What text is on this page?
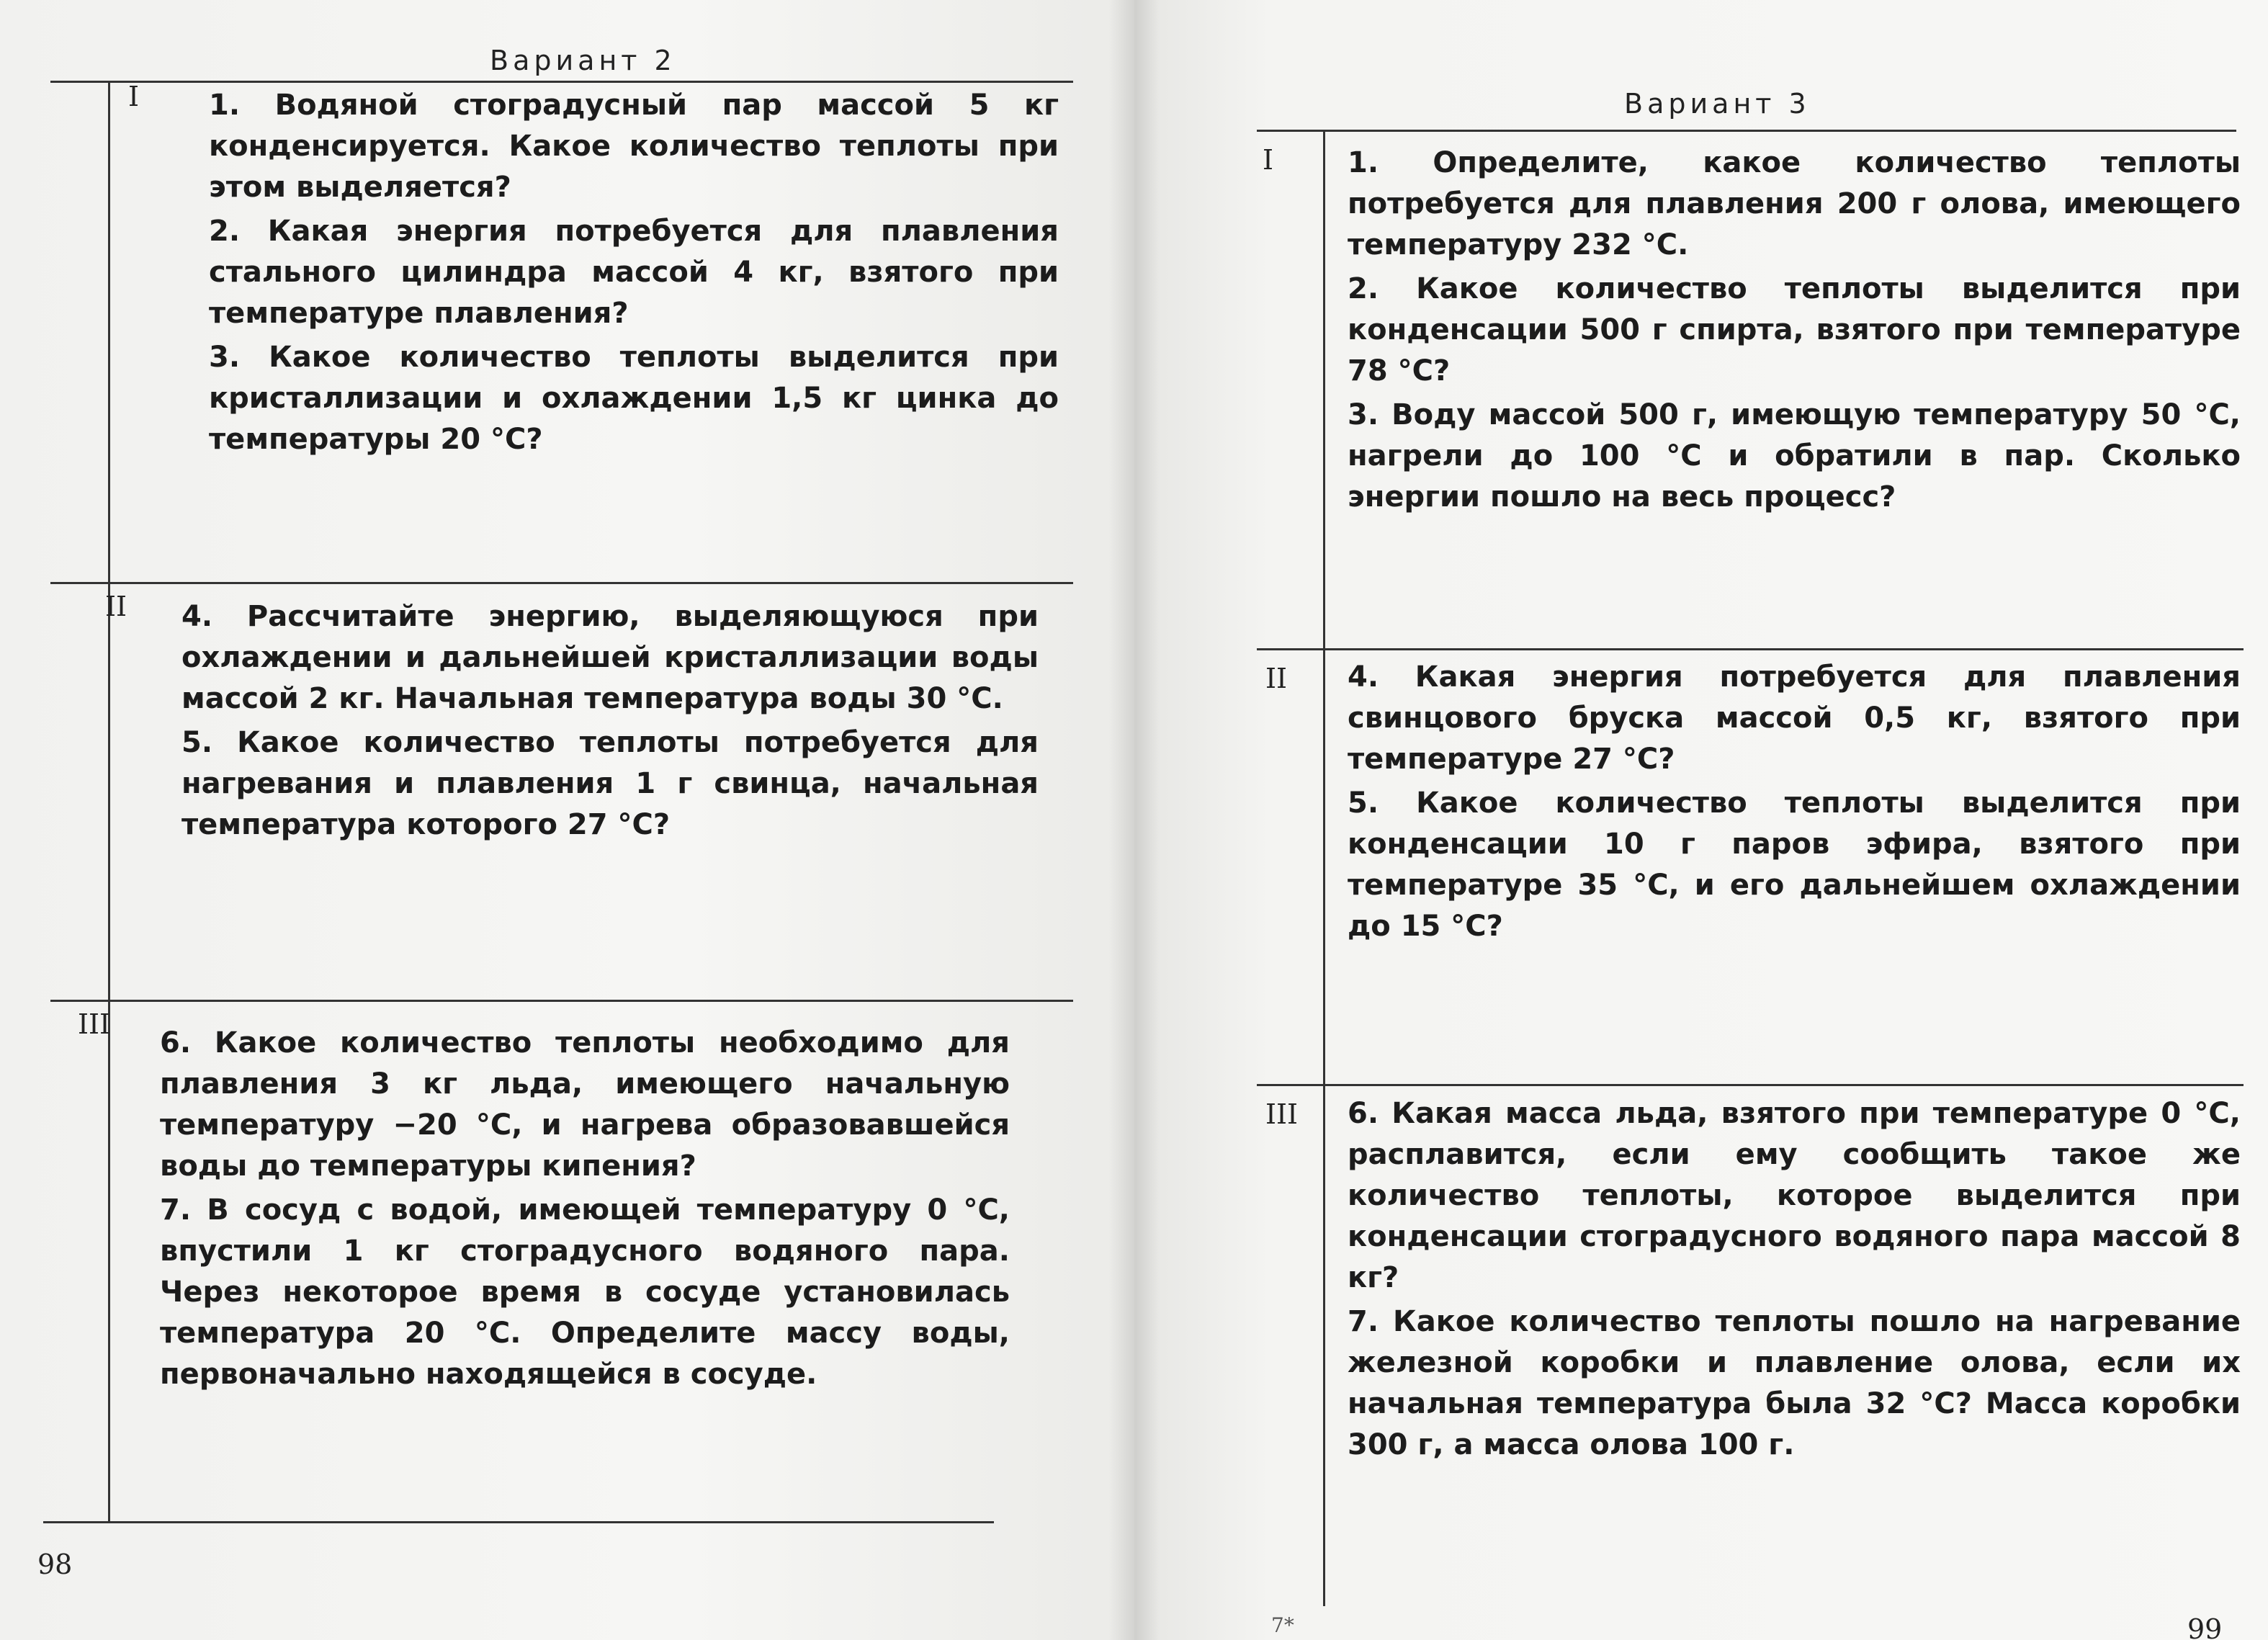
Вариант 2
I 1. Водяной стоградусный пар массой 5 кг конденсируется. Какое количество теплоты при этом выделяется?

2. Какая энергия потребуется для плавления стального цилиндра массой 4 кг, взятого при температуре плавления?

3. Какое количество теплоты выделится при кристаллизации и охлаждении 1,5 кг цинка до температуры 20 °С?

II 4. Рассчитайте энергию, выделяющуюся при охлаждении и дальнейшей кристаллизации воды массой 2 кг. Начальная температура воды 30 °С.

5. Какое количество теплоты потребуется для нагревания и плавления 1 г свинца, начальная температура которого 27 °С?

III

6. Какое количество теплоты необходимо для плавления 3 кг льда, имеющего начальную температуру −20 °С, и нагрева образовавшейся воды до температуры кипения?

7. В сосуд с водой, имеющей температуру 0 °С, впустили 1 кг стоградусного водяного пара. Через некоторое время в сосуде установилась температура 20 °С. Определите массу воды, первоначально находящейся в сосуде.

98
Вариант 3
I	1. Определите, какое количество теплоты потребуется для плавления 200 г олова, имеющего температуру 232 °С.

2. Какое количество теплоты выделится при конденсации 500 г спирта, взятого при температуре 78 °С?

3. Воду массой 500 г, имеющую температуру 50 °С, нагрели до 100 °С и обратили в пар. Сколько энергии пошло на весь процесс?

II 4. Какая энергия потребуется для плавления свинцового бруска массой 0,5 кг, взятого при температуре 27 °С?

5. Какое количество теплоты выделится при конденсации 10 г паров эфира, взятого при температуре 35 °С, и его дальнейшем охлаждении до 15 °С?

III 6. Какая масса льда, взятого при температуре 0 °С, расплавится, если ему сообщить такое же количество теплоты, которое выделится при конденсации стоградусного водяного пара массой 8 кг?

7. Какое количество теплоты пошло на нагревание железной коробки и плавление олова, если их начальная температура была 32 °С? Масса коробки 300 г, а масса олова 100 г.

7*	99
